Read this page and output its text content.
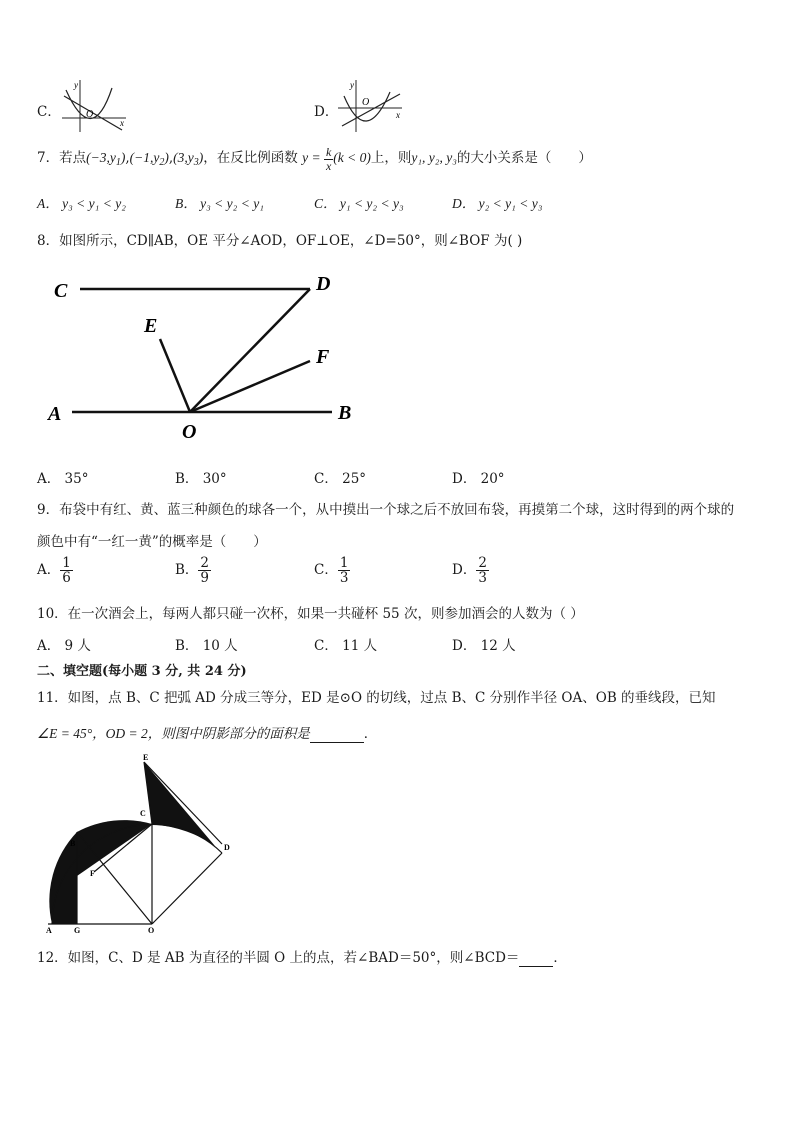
C．
y
x
O	D．
y
x
O
7．若点$(-3,y_1),(-1,y_2),(3,y_3)$，在反比例函数 $y = \frac{k}{x} (k < 0)$上，则y₁, y₂, y₃的大小关系是（　　）
A． y₃ < y₁ < y₂	B． y₃ < y₂ < y₁	C． y₁ < y₂ < y₃	D． y₂ < y₁ < y₃
8．如图所示，CD∥AB，OE 平分∠AOD，OF⊥OE，∠D=50°，则∠BOF 为( )
C	D
E
F
A
O
B
A． 35°	B． 30°	C． 25°	D． 20°
9．布袋中有红、黄、蓝三种颜色的球各一个，从中摸出一个球之后不放回布袋，再摸第二个球，这时得到的两个球的
颜色中有“一红一黄”的概率是（　　）
A． $\frac{1}{6}$	B． $\frac{2}{9}$	C． $\frac{1}{3}$	D． $\frac{2}{3}$
10．在一次酒会上，每两人都只碰一次杯，如果一共碰杯 55 次，则参加酒会的人数为（ ）
A． 9 人	B． 10 人	C． 11 人	D． 12 人
二、填空题(每小题 3 分, 共 24 分)
11．如图，点 B、C 把弧 AD 分成三等分，ED 是⊙O 的切线，过点 B、C 分别作半径 OA、OB 的垂线段，已知
∠E = 45°，OD = 2，则图中阴影部分的面积是	．
E
C
B	D
F
A	G	O
12．如图，C、D 是 AB 为直径的半圆 O 上的点，若∠BAD＝50°，则∠BCD＝	．
